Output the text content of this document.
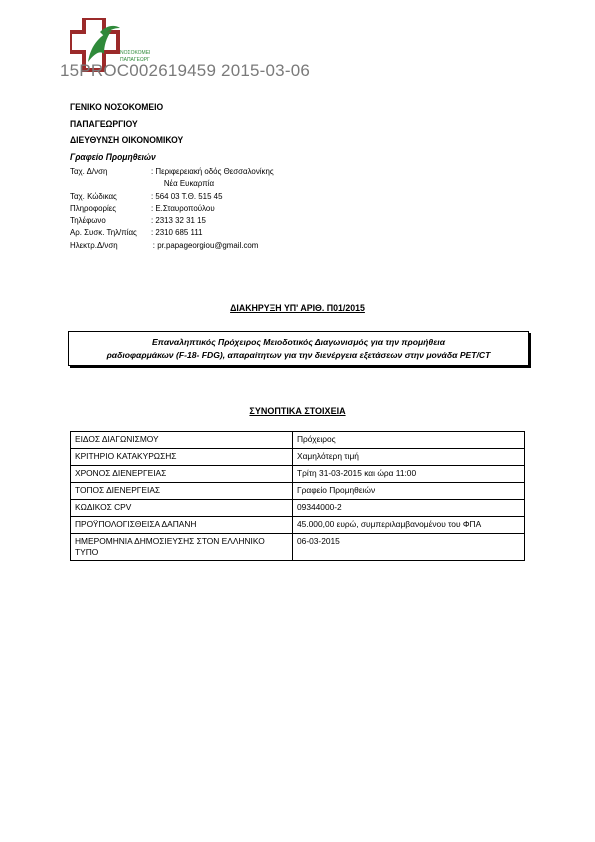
ΝΟΣΟΚΟΜΕ
ΠΑΠΑΓΕΩΡΓ
15PROC002619459 2015-03-06
ΓΕΝΙΚΟ ΝΟΣΟΚΟΜΕΙΟ
ΠΑΠΑΓΕΩΡΓΙΟΥ
ΔΙΕΥΘΥΝΣΗ ΟΙΚΟΝΟΜΙΚΟΥ
Γραφείο Προμηθειών
Ταχ. Δ/νση	: Περιφερειακή οδός Θεσσαλονίκης
Νέα Ευκαρπία
Ταχ. Κώδικας	: 564 03 Τ.Θ. 515 45
Πληροφορίες	: Ε.Σταυροπούλου
Τηλέφωνο	: 2313 32 31 15
Αρ. Συσκ. Τηλ/πίας	: 2310 685 111
Ηλεκτρ.Δ/νση	: pr.papageorgiou@gmail.com
ΔΙΑΚΗΡΥΞΗ ΥΠ' ΑΡΙΘ. Π01/2015
Επαναληπτικός Πρόχειρος Μειοδοτικός Διαγωνισμός για την προμήθεια
ραδιοφαρμάκων (F-18- FDG), απαραίτητων για την διενέργεια εξετάσεων στην μονάδα PET/CT
ΣΥΝΟΠΤΙΚΑ ΣΤΟΙΧΕΙΑ
ΕΙΔΟΣ ΔΙΑΓΩΝΙΣΜΟΥ	Πρόχειρος
ΚΡΙΤΗΡΙΟ ΚΑΤΑΚΥΡΩΣΗΣ	Χαμηλότερη τιμή
ΧΡΟΝΟΣ ΔΙΕΝΕΡΓΕΙΑΣ	Τρίτη 31-03-2015 και ώρα 11:00
ΤΟΠΟΣ ΔΙΕΝΕΡΓΕΙΑΣ	Γραφείο Προμηθειών
ΚΩΔΙΚΟΣ CPV	09344000-2
ΠΡΟΫΠΟΛΟΓΙΣΘΕΙΣΑ ΔΑΠΑΝΗ	45.000,00 ευρώ, συμπεριλαμβανομένου του ΦΠΑ
ΗΜΕΡΟΜΗΝΙΑ ΔΗΜΟΣΙΕΥΣΗΣ ΣΤΟΝ ΕΛΛΗΝΙΚΟ ΤΥΠΟ	06-03-2015
